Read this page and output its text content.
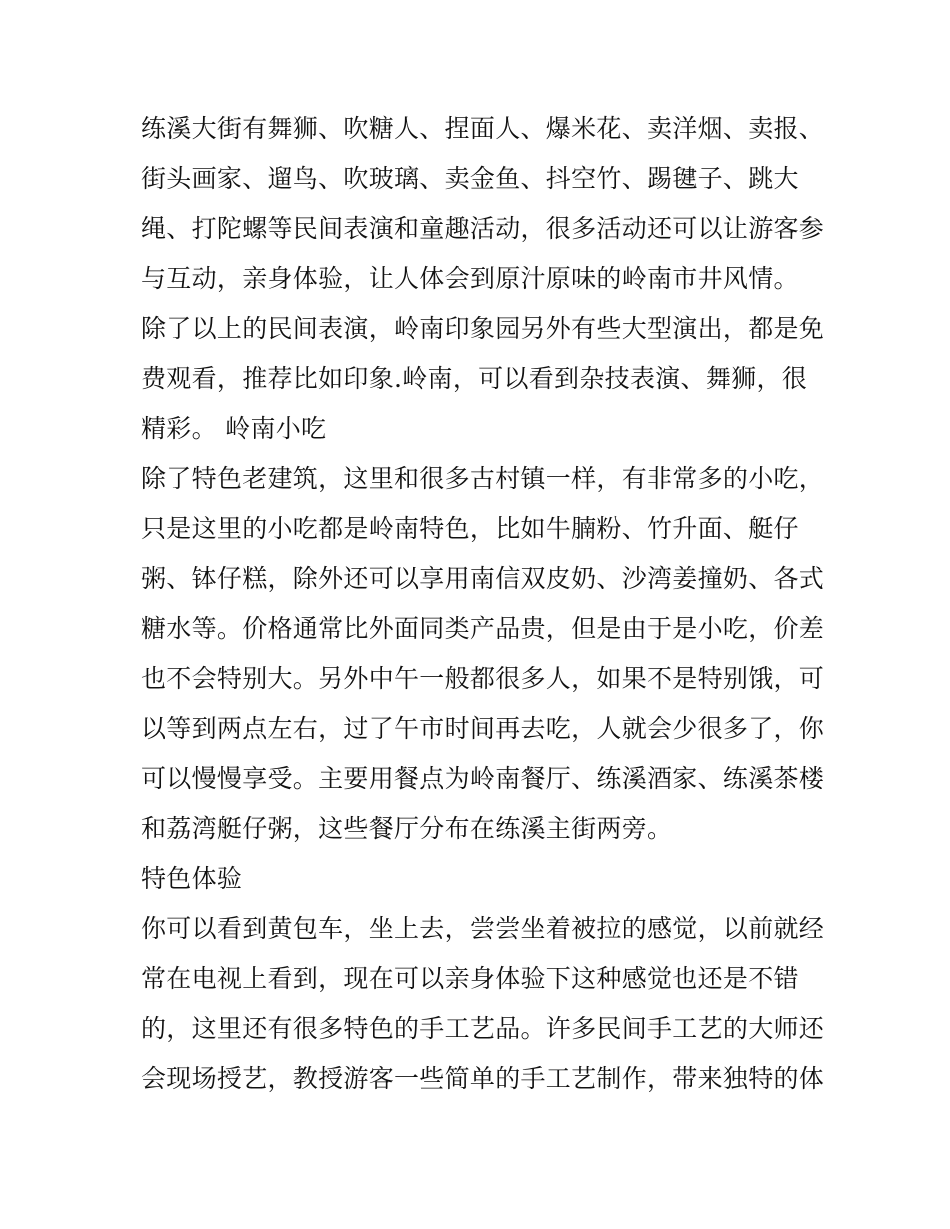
练溪大街有舞狮、吹糖人、捏面人、爆米花、卖洋烟、卖报、
街头画家、遛鸟、吹玻璃、卖金鱼、抖空竹、踢毽子、跳大
绳、打陀螺等民间表演和童趣活动，很多活动还可以让游客参
与互动，亲身体验，让人体会到原汁原味的岭南市井风情。
除了以上的民间表演，岭南印象园另外有些大型演出，都是免
费观看，推荐比如印象.岭南，可以看到杂技表演、舞狮，很
精彩。 岭南小吃
除了特色老建筑，这里和很多古村镇一样，有非常多的小吃，
只是这里的小吃都是岭南特色，比如牛腩粉、竹升面、艇仔
粥、钵仔糕，除外还可以享用南信双皮奶、沙湾姜撞奶、各式
糖水等。价格通常比外面同类产品贵，但是由于是小吃，价差
也不会特别大。另外中午一般都很多人，如果不是特别饿，可
以等到两点左右，过了午市时间再去吃，人就会少很多了，你
可以慢慢享受。主要用餐点为岭南餐厅、练溪酒家、练溪茶楼
和荔湾艇仔粥，这些餐厅分布在练溪主街两旁。
特色体验
你可以看到黄包车，坐上去，尝尝坐着被拉的感觉，以前就经
常在电视上看到，现在可以亲身体验下这种感觉也还是不错
的，这里还有很多特色的手工艺品。许多民间手工艺的大师还
会现场授艺，教授游客一些简单的手工艺制作，带来独特的体
